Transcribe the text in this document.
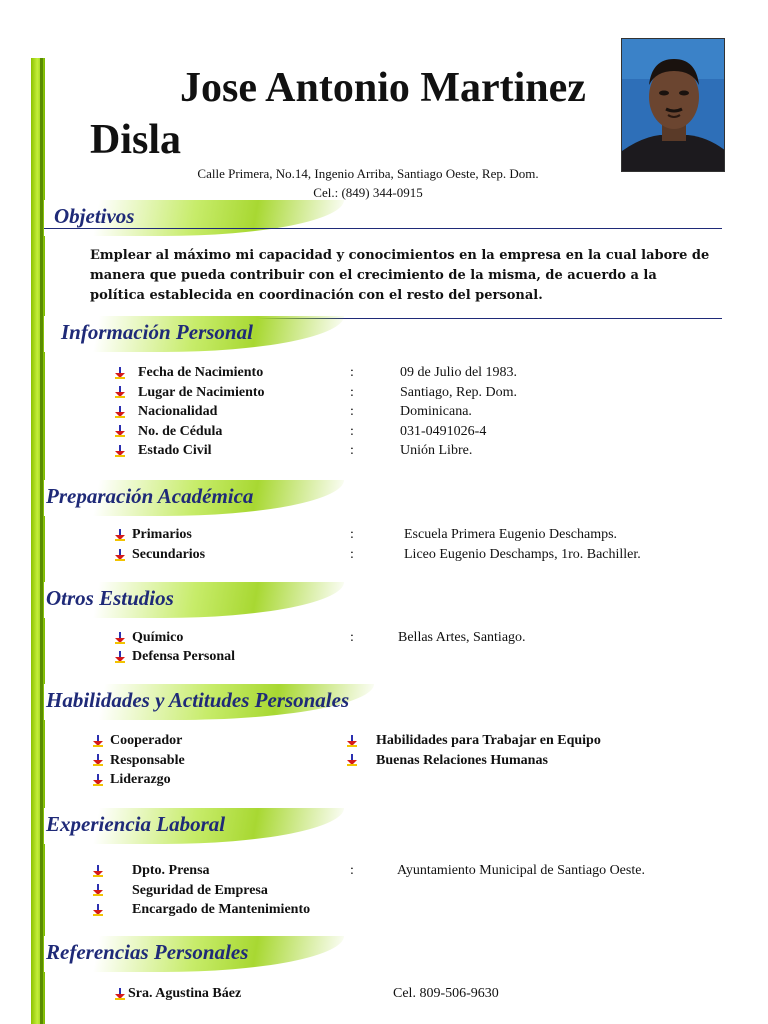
Jose Antonio Martinez
Disla
Calle Primera, No.14, Ingenio Arriba, Santiago Oeste, Rep. Dom.
Cel.: (849) 344-0915
Objetivos
Emplear al máximo mi capacidad y conocimientos en la empresa en la cual labore de manera que pueda contribuir con el crecimiento de la misma, de acuerdo a la política establecida en coordinación con el resto del personal.
Información Personal
Preparación Académica
Otros Estudios
Habilidades y Actitudes Personales
Experiencia Laboral
Referencias Personales
Fecha de Nacimiento	:	09 de Julio del 1983.
Lugar de Nacimiento	:	Santiago, Rep. Dom.
Nacionalidad	:	Dominicana.
No. de Cédula	:	031-0491026-4
Estado Civil	:	Unión Libre.
Primarios	:	Escuela Primera Eugenio Deschamps.
Secundarios	:	Liceo Eugenio Deschamps, 1ro. Bachiller.
Químico	:	Bellas Artes, Santiago.
Defensa Personal
Dpto. Prensa	:	Ayuntamiento Municipal de Santiago Oeste.
Seguridad de Empresa
Encargado de Mantenimiento
Sra. Agustina Báez	Cel. 809-506-9630
Cooperador
Responsable
Liderazgo
Habilidades para Trabajar en Equipo
Buenas Relaciones Humanas
